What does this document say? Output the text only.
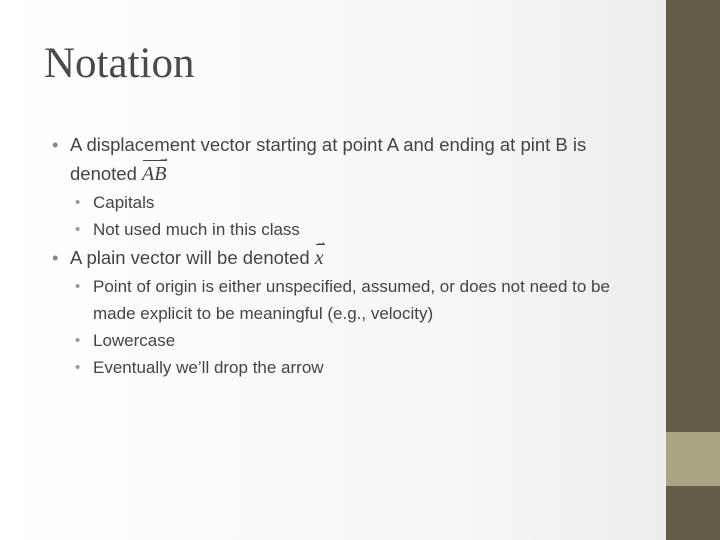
Notation
• A displacement vector starting at point A and ending at pint B is denoted AB
→
• Capitals
• Not used much in this class
• A plain vector will be denoted x
→
• Point of origin is either unspecified, assumed, or does not need to be made explicit to be meaningful (e.g., velocity)
• Lowercase
• Eventually we’ll drop the arrow
